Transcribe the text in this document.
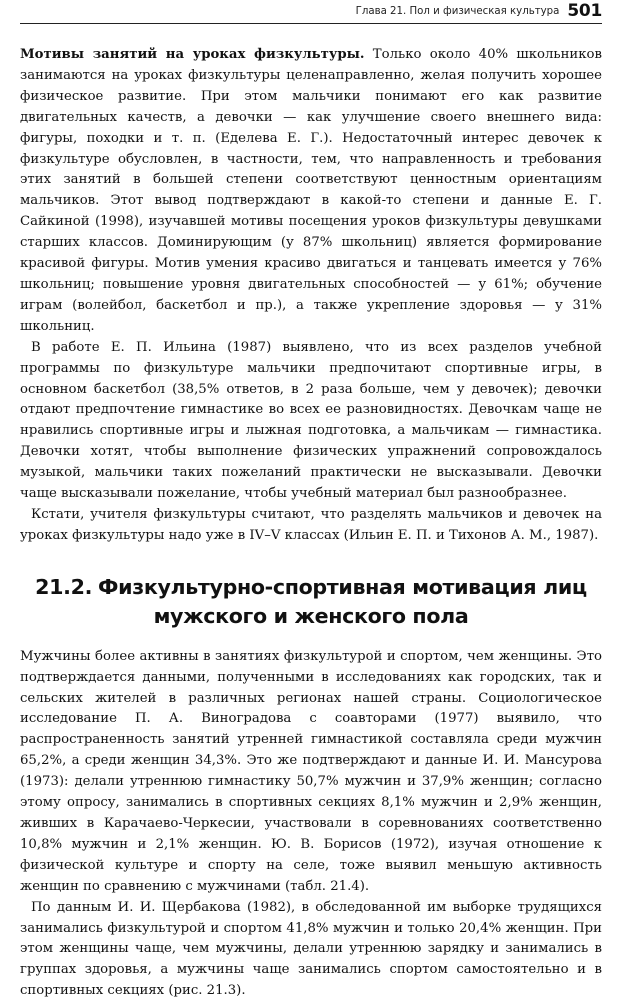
Глава 21. Пол и физическая культура 501

Мотивы занятий на уроках физкультуры. Только около 40% школьников занимаются на уроках физкультуры целенаправленно, желая получить хорошее физическое развитие. При этом мальчики понимают его как развитие двигательных качеств, а девочки — как улучшение своего внешнего вида: фигуры, походки и т. п. (Еделева Е. Г.). Недостаточный интерес девочек к физкультуре обусловлен, в частности, тем, что направленность и требования этих занятий в большей степени соответствуют ценностным ориентациям мальчиков. Этот вывод подтверждают в какой-то степени и данные Е. Г. Сайкиной (1998), изучавшей мотивы посещения уроков физкультуры девушками старших классов. Доминирующим (у 87% школьниц) является формирование красивой фигуры. Мотив умения красиво двигаться и танцевать имеется у 76% школьниц; повышение уровня двигательных способностей — у 61%; обучение играм (волейбол, баскетбол и пр.), а также укрепление здоровья — у 31% школьниц.

В работе Е. П. Ильина (1987) выявлено, что из всех разделов учебной программы по физкультуре мальчики предпочитают спортивные игры, в основном баскетбол (38,5% ответов, в 2 раза больше, чем у девочек); девочки отдают предпочтение гимнастике во всех ее разновидностях. Девочкам чаще не нравились спортивные игры и лыжная подготовка, а мальчикам — гимнастика. Девочки хотят, чтобы выполнение физических упражнений сопровождалось музыкой, мальчики таких пожеланий практически не высказывали. Девочки чаще высказывали пожелание, чтобы учебный материал был разнообразнее.

Кстати, учителя физкультуры считают, что разделять мальчиков и девочек на уроках физкультуры надо уже в IV–V классах (Ильин Е. П. и Тихонов А. М., 1987).

21.2. Физкультурно-спортивная мотивация лиц
мужского и женского пола

Мужчины более активны в занятиях физкультурой и спортом, чем женщины. Это подтверждается данными, полученными в исследованиях как городских, так и сельских жителей в различных регионах нашей страны. Социологическое исследование П. А. Виноградова с соавторами (1977) выявило, что распространенность занятий утренней гимнастикой составляла среди мужчин 65,2%, а среди женщин 34,3%. Это же подтверждают и данные И. И. Мансурова (1973): делали утреннюю гимнастику 50,7% мужчин и 37,9% женщин; согласно этому опросу, занимались в спортивных секциях 8,1% мужчин и 2,9% женщин, живших в Карачаево-Черкесии, участвовали в соревнованиях соответственно 10,8% мужчин и 2,1% женщин. Ю. В. Борисов (1972), изучая отношение к физической культуре и спорту на селе, тоже выявил меньшую активность женщин по сравнению с мужчинами (табл. 21.4).

По данным И. И. Щербакова (1982), в обследованной им выборке трудящихся занимались физкультурой и спортом 41,8% мужчин и только 20,4% женщин. При этом женщины чаще, чем мужчины, делали утреннюю зарядку и занимались в группах здоровья, а мужчины чаще занимались спортом самостоятельно и в спортивных секциях (рис. 21.3).
